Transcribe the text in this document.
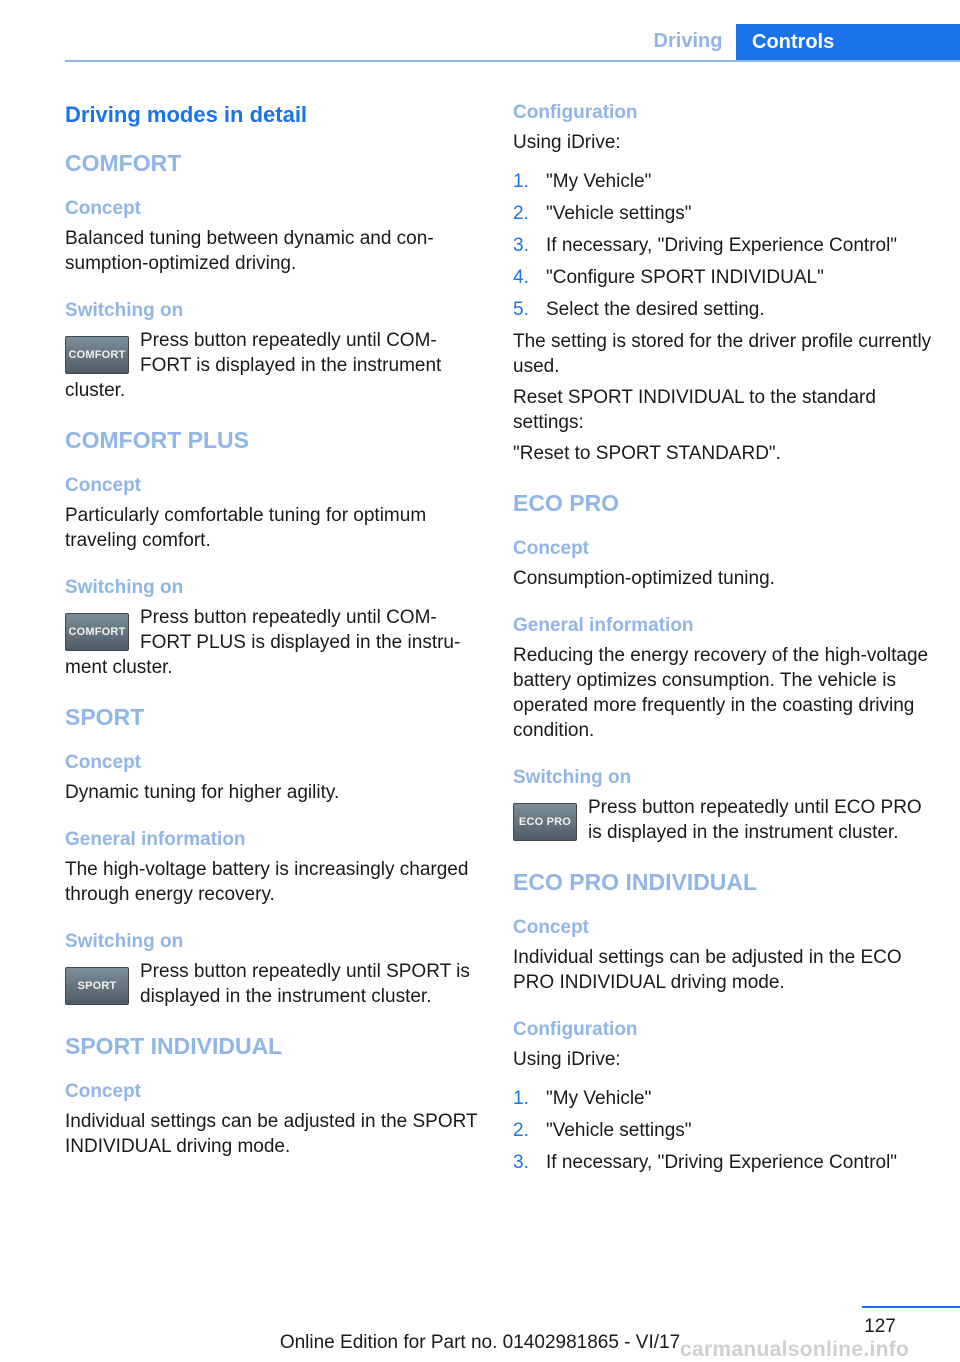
Driving	Controls
Driving modes in detail
COMFORT
Concept
Balanced tuning between dynamic and consumption-optimized driving.
Switching on
COMFORT
Press button repeatedly until COMFORT is displayed in the instrument cluster.
COMFORT PLUS
Concept
Particularly comfortable tuning for optimum traveling comfort.
Switching on
COMFORT
Press button repeatedly until COMFORT PLUS is displayed in the instrument cluster.
SPORT
Concept
Dynamic tuning for higher agility.
General information
The high-voltage battery is increasingly charged through energy recovery.
Switching on
SPORT
Press button repeatedly until SPORT is displayed in the instrument cluster.
SPORT INDIVIDUAL
Concept
Individual settings can be adjusted in the SPORT INDIVIDUAL driving mode.
Configuration
Using iDrive:
1. "My Vehicle"
2. "Vehicle settings"
3. If necessary, "Driving Experience Control"
4. "Configure SPORT INDIVIDUAL"
5. Select the desired setting.
The setting is stored for the driver profile currently used.
Reset SPORT INDIVIDUAL to the standard settings:
"Reset to SPORT STANDARD".
ECO PRO
Concept
Consumption-optimized tuning.
General information
Reducing the energy recovery of the high-voltage battery optimizes consumption. The vehicle is operated more frequently in the coasting driving condition.
Switching on
ECO PRO
Press button repeatedly until ECO PRO is displayed in the instrument cluster.
ECO PRO INDIVIDUAL
Concept
Individual settings can be adjusted in the ECO PRO INDIVIDUAL driving mode.
Configuration
Using iDrive:
1. "My Vehicle"
2. "Vehicle settings"
3. If necessary, "Driving Experience Control"
127
Online Edition for Part no. 01402981865 - VI/17 carmanualsonline.info
